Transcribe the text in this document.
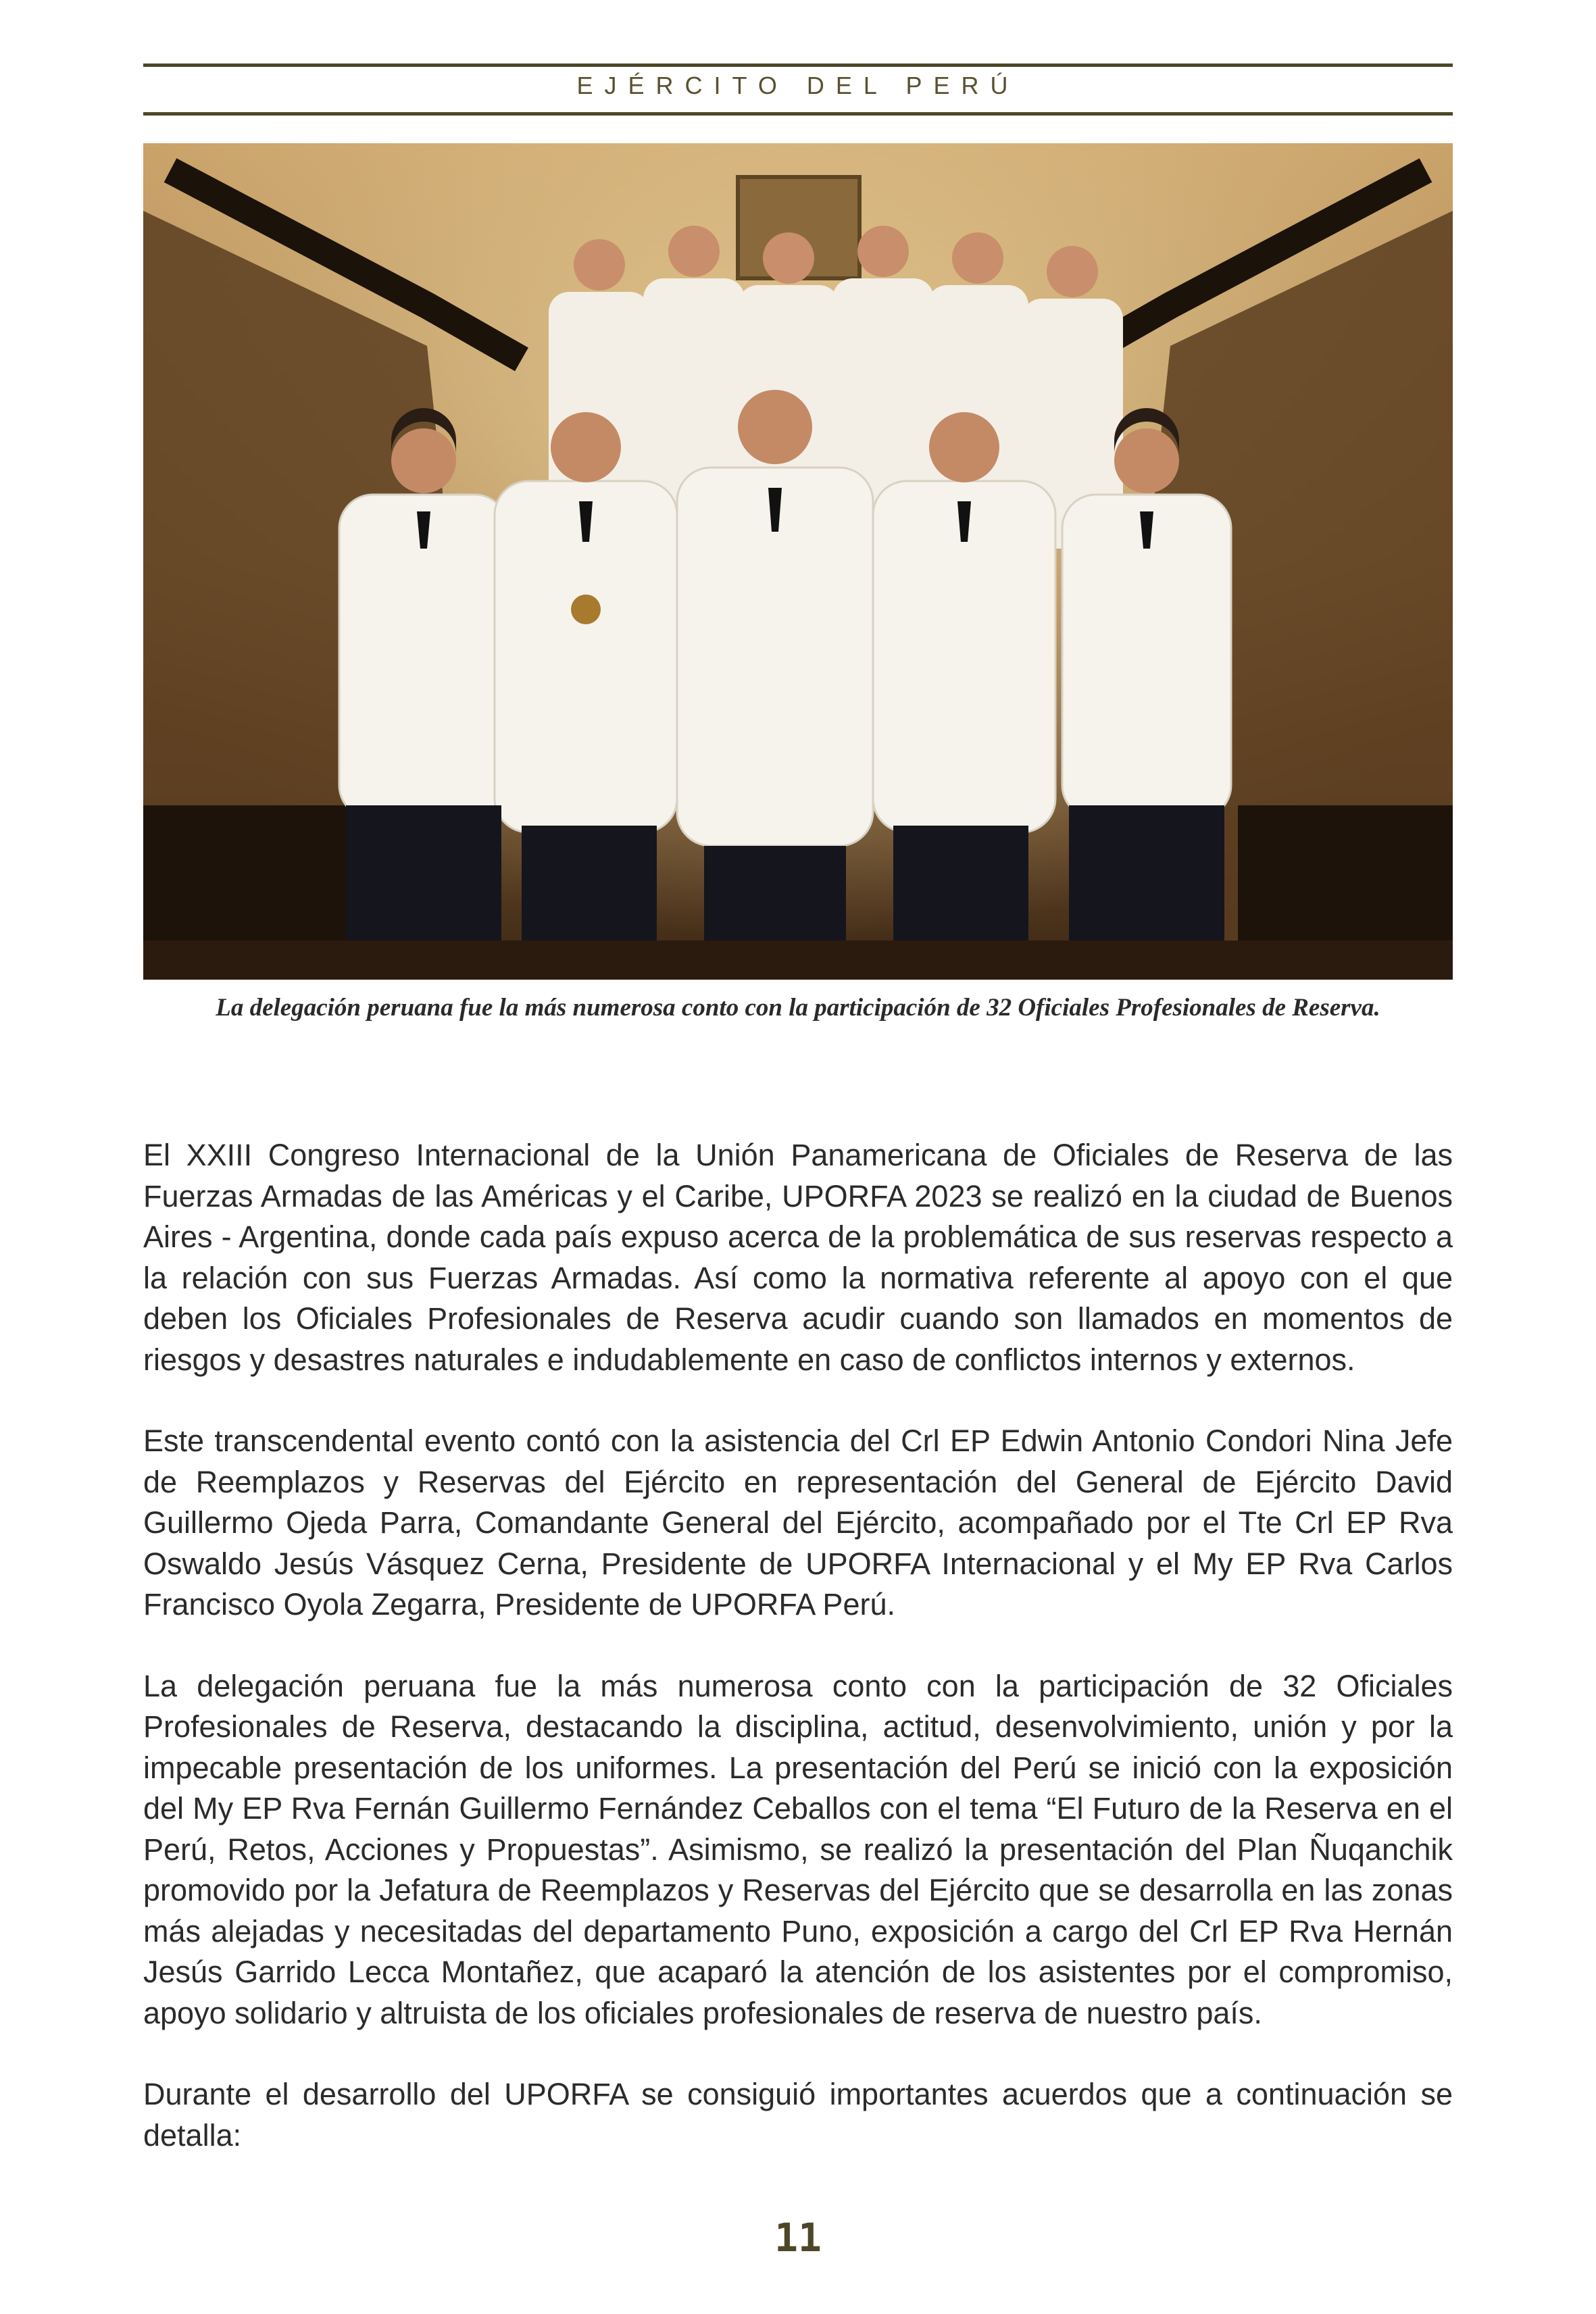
EJÉRCITO DEL PERÚ
La delegación peruana fue la más numerosa conto con la participación de 32 Oficiales Profesionales de Reserva.

El XXIII Congreso Internacional de la Unión Panamericana de Oficiales de Reserva de las Fuerzas Armadas de las Américas y el Caribe, UPORFA 2023 se realizó en la ciudad de Buenos Aires - Argentina, donde cada país expuso acerca de la problemática de sus reservas respecto a la relación con sus Fuerzas Armadas. Así como la normativa referente al apoyo con el que deben los Oficiales Profesionales de Reserva acudir cuando son llamados en momentos de riesgos y desastres naturales e indudablemente en caso de conflictos internos y externos.

Este transcendental evento contó con la asistencia del Crl EP Edwin Antonio Condori Nina Jefe de Reemplazos y Reservas del Ejército en representación del General de Ejército David Guillermo Ojeda Parra, Comandante General del Ejército, acompañado por el Tte Crl EP Rva Oswaldo Jesús Vásquez Cerna, Presidente de UPORFA Internacional y el My EP Rva Carlos Francisco Oyola Zegarra, Presidente de UPORFA Perú.

La delegación peruana fue la más numerosa conto con la participación de 32 Oficiales Profesionales de Reserva, destacando la disciplina, actitud, desenvolvimiento, unión y por la impecable presentación de los uniformes. La presentación del Perú se inició con la exposición del My EP Rva Fernán Guillermo Fernández Ceballos con el tema “El Futuro de la Reserva en el Perú, Retos, Acciones y Propuestas”. Asimismo, se realizó la presentación del Plan Ñuqanchik promovido por la Jefatura de Reemplazos y Reservas del Ejército que se desarrolla en las zonas más alejadas y necesitadas del departamento Puno, exposición a cargo del Crl EP Rva Hernán Jesús Garrido Lecca Montañez, que acaparó la atención de los asistentes por el compromiso, apoyo solidario y altruista de los oficiales profesionales de reserva de nuestro país.

Durante el desarrollo del UPORFA se consiguió importantes acuerdos que a continuación se detalla:

11
